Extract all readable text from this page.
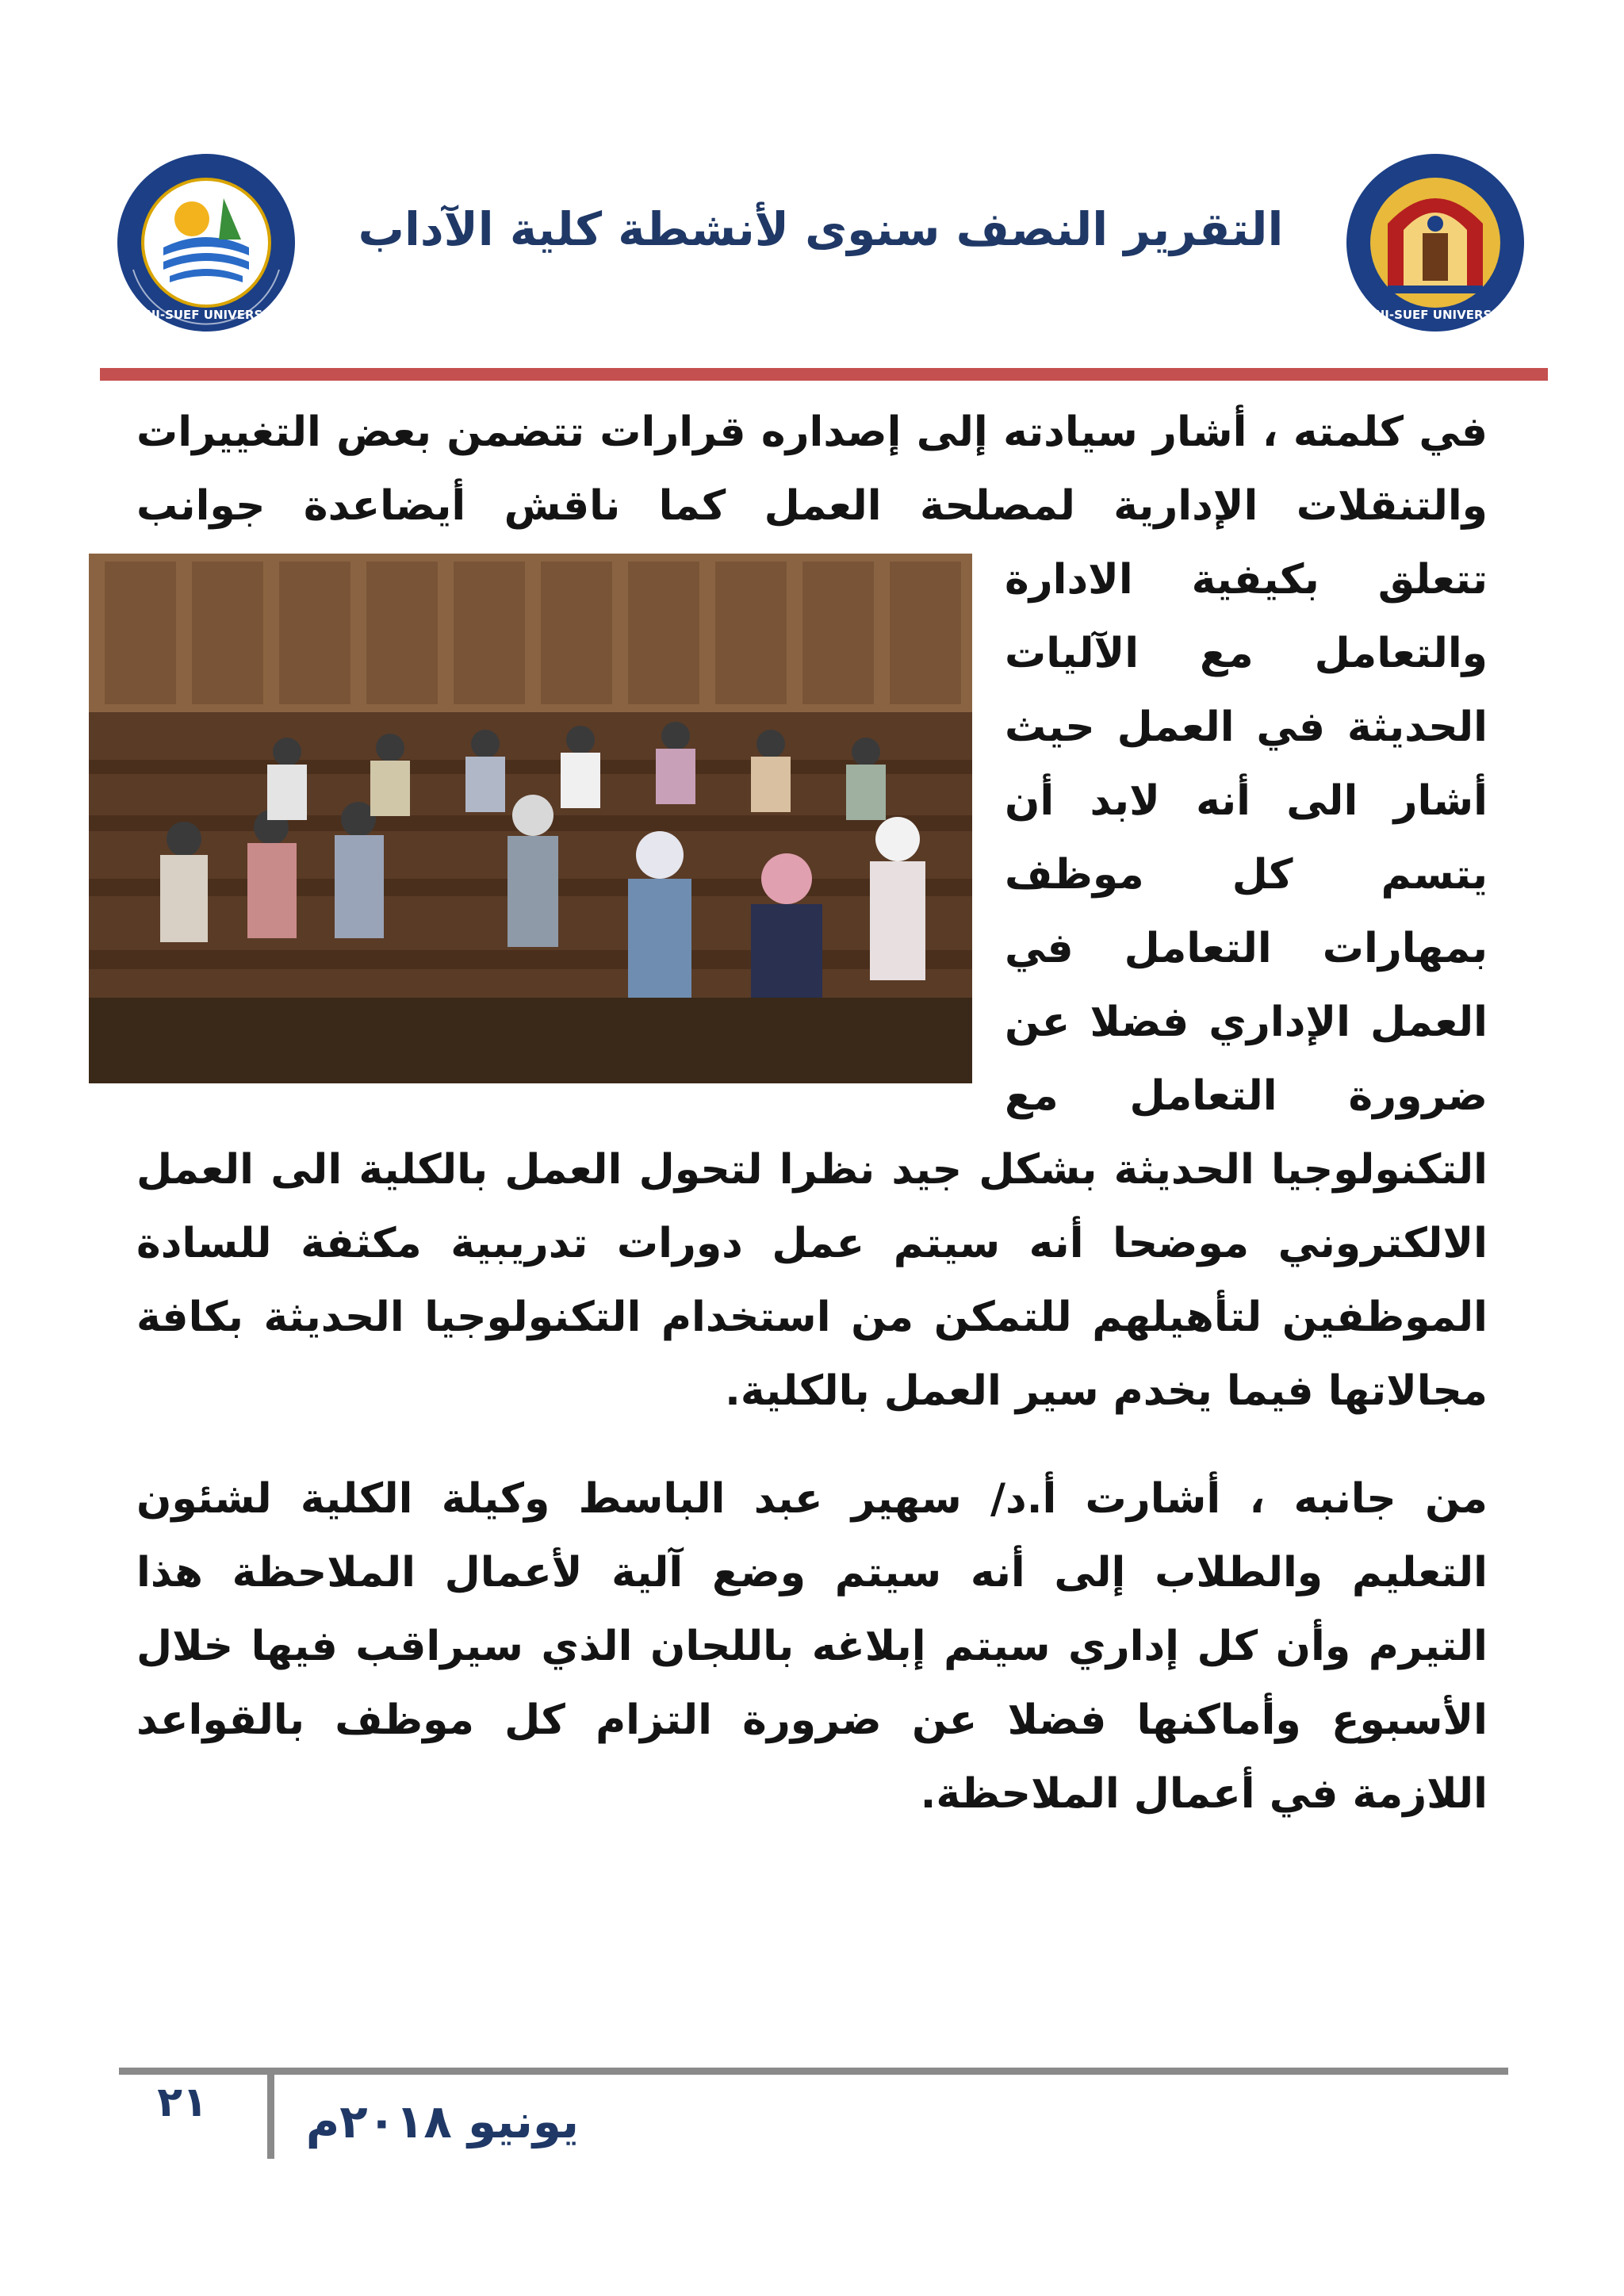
BENI-SUEF UNIVERSITY	BENI-SUEF UNIVERSITY
التقرير النصف سنوى لأنشطة كلية الآداب

في كلمته ، أشار سيادته إلى إصداره قرارات تتضمن بعض التغييرات والتنقلات الإدارية لمصلحة العمل كما ناقش أيضاعدة جوانب

تتعلق بكيفية الادارة والتعامل مع الآليات الحديثة في العمل حيث أشار الى أنه لابد أن يتسم كل موظف بمهارات التعامل في العمل الإداري فضلا عن ضرورة التعامل مع

التكنولوجيا الحديثة بشكل جيد نظرا لتحول العمل بالكلية الى العمل الالكتروني موضحا أنه سيتم عمل دورات تدريبية مكثفة للسادة الموظفين لتأهيلهم للتمكن من استخدام التكنولوجيا الحديثة بكافة مجالاتها فيما يخدم سير العمل بالكلية.

من جانبه ، أشارت أ.د/ سهير عبد الباسط وكيلة الكلية لشئون التعليم والطلاب إلى أنه سيتم وضع آلية لأعمال الملاحظة هذا التيرم وأن كل إداري سيتم إبلاغه باللجان الذي سيراقب فيها خلال الأسبوع وأماكنها فضلا عن ضرورة التزام كل موظف بالقواعد اللازمة في أعمال الملاحظة.

٢١	يونيو ٢٠١٨م
